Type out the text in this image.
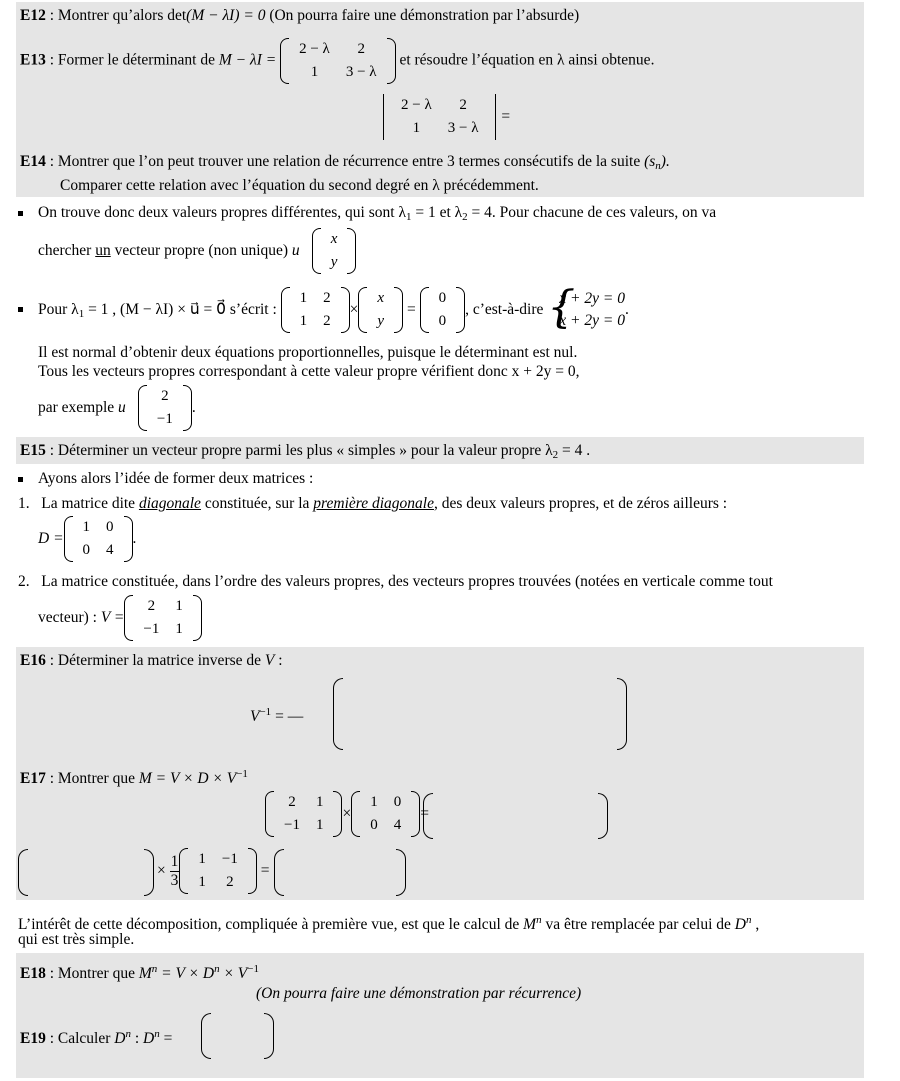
E12 : Montrer qu’alors det(M − λI) = 0 (On pourra faire une démonstration par l’absurde)
E13 : Former le déterminant de M − λI =
2 − λ	2
1	3 − λ
et résoudre l’équation en λ ainsi obtenue.
2 − λ	2
1	3 − λ
=
E14 : Montrer que l’on peut trouver une relation de récurrence entre 3 termes consécutifs de la suite $(s_n)$.
Comparer cette relation avec l’équation du second degré en λ précédemment.
On trouve donc deux valeurs propres différentes, qui sont $\lambda_1 = 1$ et $\lambda_2 = 4$. Pour chacune de ces valeurs, on va
chercher un vecteur propre (non unique) u⃗
x
y
Pour $\lambda_1 = 1$ , (M − λI) × u⃗ = 0⃗ s’écrit :
1	2
1	2
×
x
y
=
0
0
, c’est-à-dire {
x + 2y = 0
x + 2y = 0
.
Il est normal d’obtenir deux équations proportionnelles, puisque le déterminant est nul.
Tous les vecteurs propres correspondant à cette valeur propre vérifient donc x + 2y = 0,
par exemple u⃗
2
−1
.
E15 : Déterminer un vecteur propre parmi les plus « simples » pour la valeur propre $\lambda_2 = 4$ .
Ayons alors l’idée de former deux matrices :
1. La matrice dite diagonale constituée, sur la première diagonale, des deux valeurs propres, et de zéros ailleurs :
D =
1	0
0	4
.
2. La matrice constituée, dans l’ordre des valeurs propres, des vecteurs propres trouvées (notées en verticale comme tout
vecteur) : V =
2	1
−1	1
E16 : Déterminer la matrice inverse de V :
$V^{-1}$ = —
E17 : Montrer que $M = V \times D \times V^{-1}$
2	1
−1	1
×
1	0
0	4
=
× $\frac{1}{3} 1$	−1
1	2
=
L’intérêt de cette décomposition, compliquée à première vue, est que le calcul de $M^n$ va être remplacée par celui de $D^n$ ,
qui est très simple.
E18 : Montrer que $M^n = V \times D^n \times V^{-1}$
(On pourra faire une démonstration par récurrence)
E19 : Calculer $D^n$ : $D^n$ =
